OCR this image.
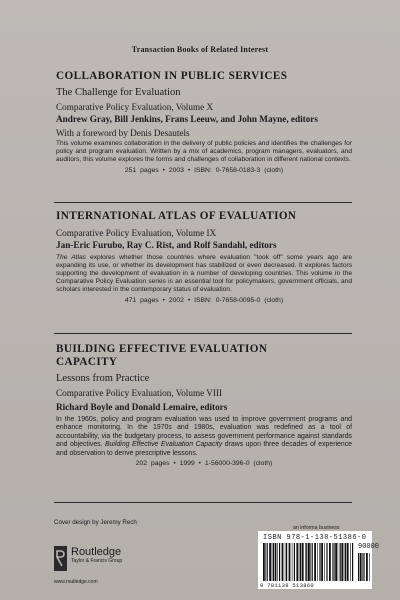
Transaction Books of Related Interest
COLLABORATION IN PUBLIC SERVICES
The Challenge for Evaluation
Comparative Policy Evaluation, Volume X
Andrew Gray, Bill Jenkins, Frans Leeuw, and John Mayne, editors
With a foreword by Denis Desautels
This volume examines collaboration in the delivery of public policies and identifies the challenges for policy and program evaluation. Written by a mix of academics, program managers, evaluators, and auditors, this volume explores the forms and challenges of collaboration in different national contexts.
251 pages • 2003 • ISBN: 0-7658-0183-3 (cloth)
INTERNATIONAL ATLAS OF EVALUATION
Comparative Policy Evaluation, Volume IX
Jan-Eric Furubo, Ray C. Rist, and Rolf Sandahl, editors
The Atlas explores whether those countries where evaluation "took off" some years ago are expanding its use, or whether its development has stabilized or even decreased. It explores factors supporting the development of evaluation in a number of developing countries. This volume in the Comparative Policy Evaluation series is an essential tool for policymakers, government officials, and scholars interested in the contemporary status of evaluation.
471 pages • 2002 • ISBN: 0-7658-0095-0 (cloth)
BUILDING EFFECTIVE EVALUATION CAPACITY
Lessons from Practice
Comparative Policy Evaluation, Volume VIII
Richard Boyle and Donald Lemaire, editors
In the 1960s, policy and program evaluation was used to improve government programs and enhance monitoring. In the 1970s and 1980s, evaluation was redefined as a tool of accountability, via the budgetary process, to assess government performance against standards and objectives. Building Effective Evaluation Capacity draws upon three decades of experience and observation to derive prescriptive lessons.
202 pages • 1999 • 1-56000-396-0 (cloth)
Cover design by Jeremy Rech
Routledge
Taylor & Francis Group
www.routledge.com
an informa business
ISBN 978-1-138-51386-0
90000
9 781138 513860
